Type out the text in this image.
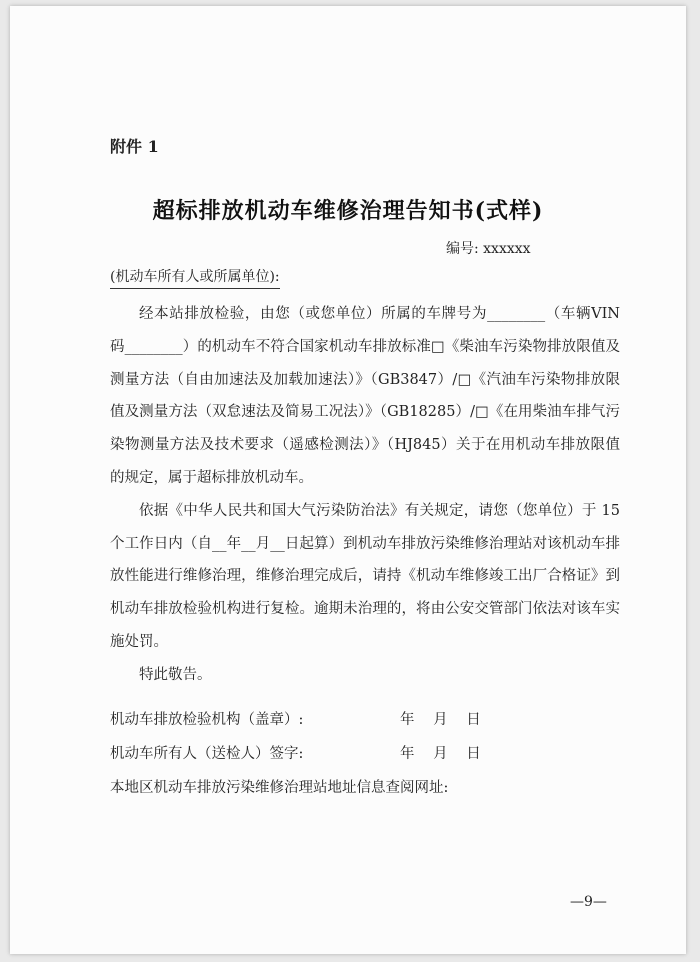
附件 1
超标排放机动车维修治理告知书(式样)
编号: xxxxxx
(机动车所有人或所属单位):

经本站排放检验，由您（或您单位）所属的车牌号为________（车辆VIN 码________）的机动车不符合国家机动车排放标准□《柴油车污染物排放限值及测量方法（自由加速法及加载加速法）》（GB3847）/□《汽油车污染物排放限值及测量方法（双怠速法及简易工况法）》（GB18285）/□《在用柴油车排气污染物测量方法及技术要求（遥感检测法）》（HJ845）关于在用机动车排放限值的规定，属于超标排放机动车。

依据《中华人民共和国大气污染防治法》有关规定，请您（您单位）于 15 个工作日内（自__年__月__日起算）到机动车排放污染维修治理站对该机动车排放性能进行维修治理，维修治理完成后，请持《机动车维修竣工出厂合格证》到机动车排放检验机构进行复检。逾期未治理的，将由公安交管部门依法对该车实施处罚。

特此敬告。

机动车排放检验机构（盖章）:	年 月 日
机动车所有人（送检人）签字:	年 月 日
本地区机动车排放污染维修治理站地址信息查阅网址:
—9—
